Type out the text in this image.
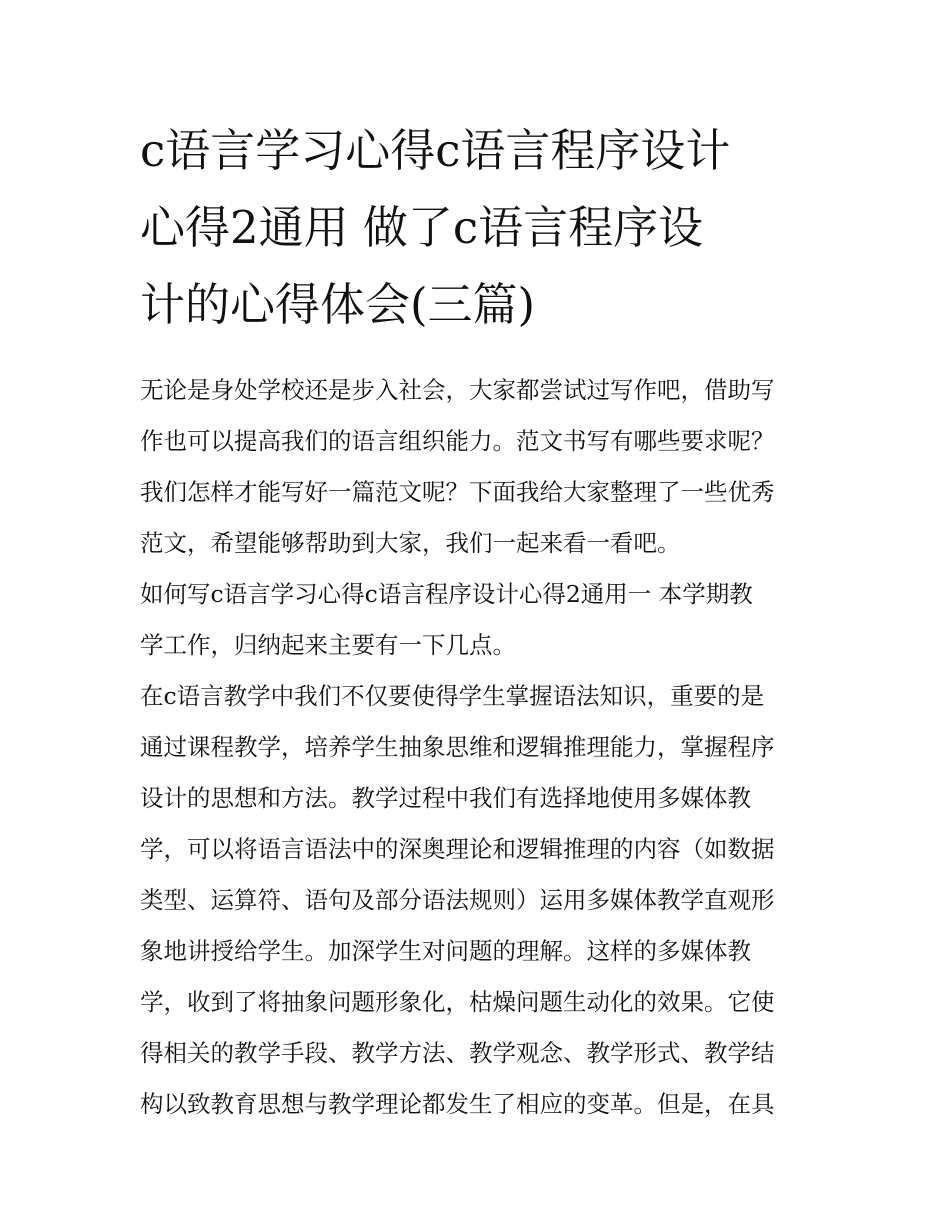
c语言学习心得c语言程序设计
心得2通用 做了c语言程序设
计的心得体会(三篇)
无论是身处学校还是步入社会，大家都尝试过写作吧，借助写
作也可以提高我们的语言组织能力。范文书写有哪些要求呢？
我们怎样才能写好一篇范文呢？下面我给大家整理了一些优秀
范文，希望能够帮助到大家，我们一起来看一看吧。
如何写c语言学习心得c语言程序设计心得2通用一 本学期教
学工作，归纳起来主要有一下几点。
在c语言教学中我们不仅要使得学生掌握语法知识，重要的是
通过课程教学，培养学生抽象思维和逻辑推理能力，掌握程序
设计的思想和方法。教学过程中我们有选择地使用多媒体教
学，可以将语言语法中的深奥理论和逻辑推理的内容（如数据
类型、运算符、语句及部分语法规则）运用多媒体教学直观形
象地讲授给学生。加深学生对问题的理解。这样的多媒体教
学，收到了将抽象问题形象化，枯燥问题生动化的效果。它使
得相关的教学手段、教学方法、教学观念、教学形式、教学结
构以致教育思想与教学理论都发生了相应的变革。但是，在具
